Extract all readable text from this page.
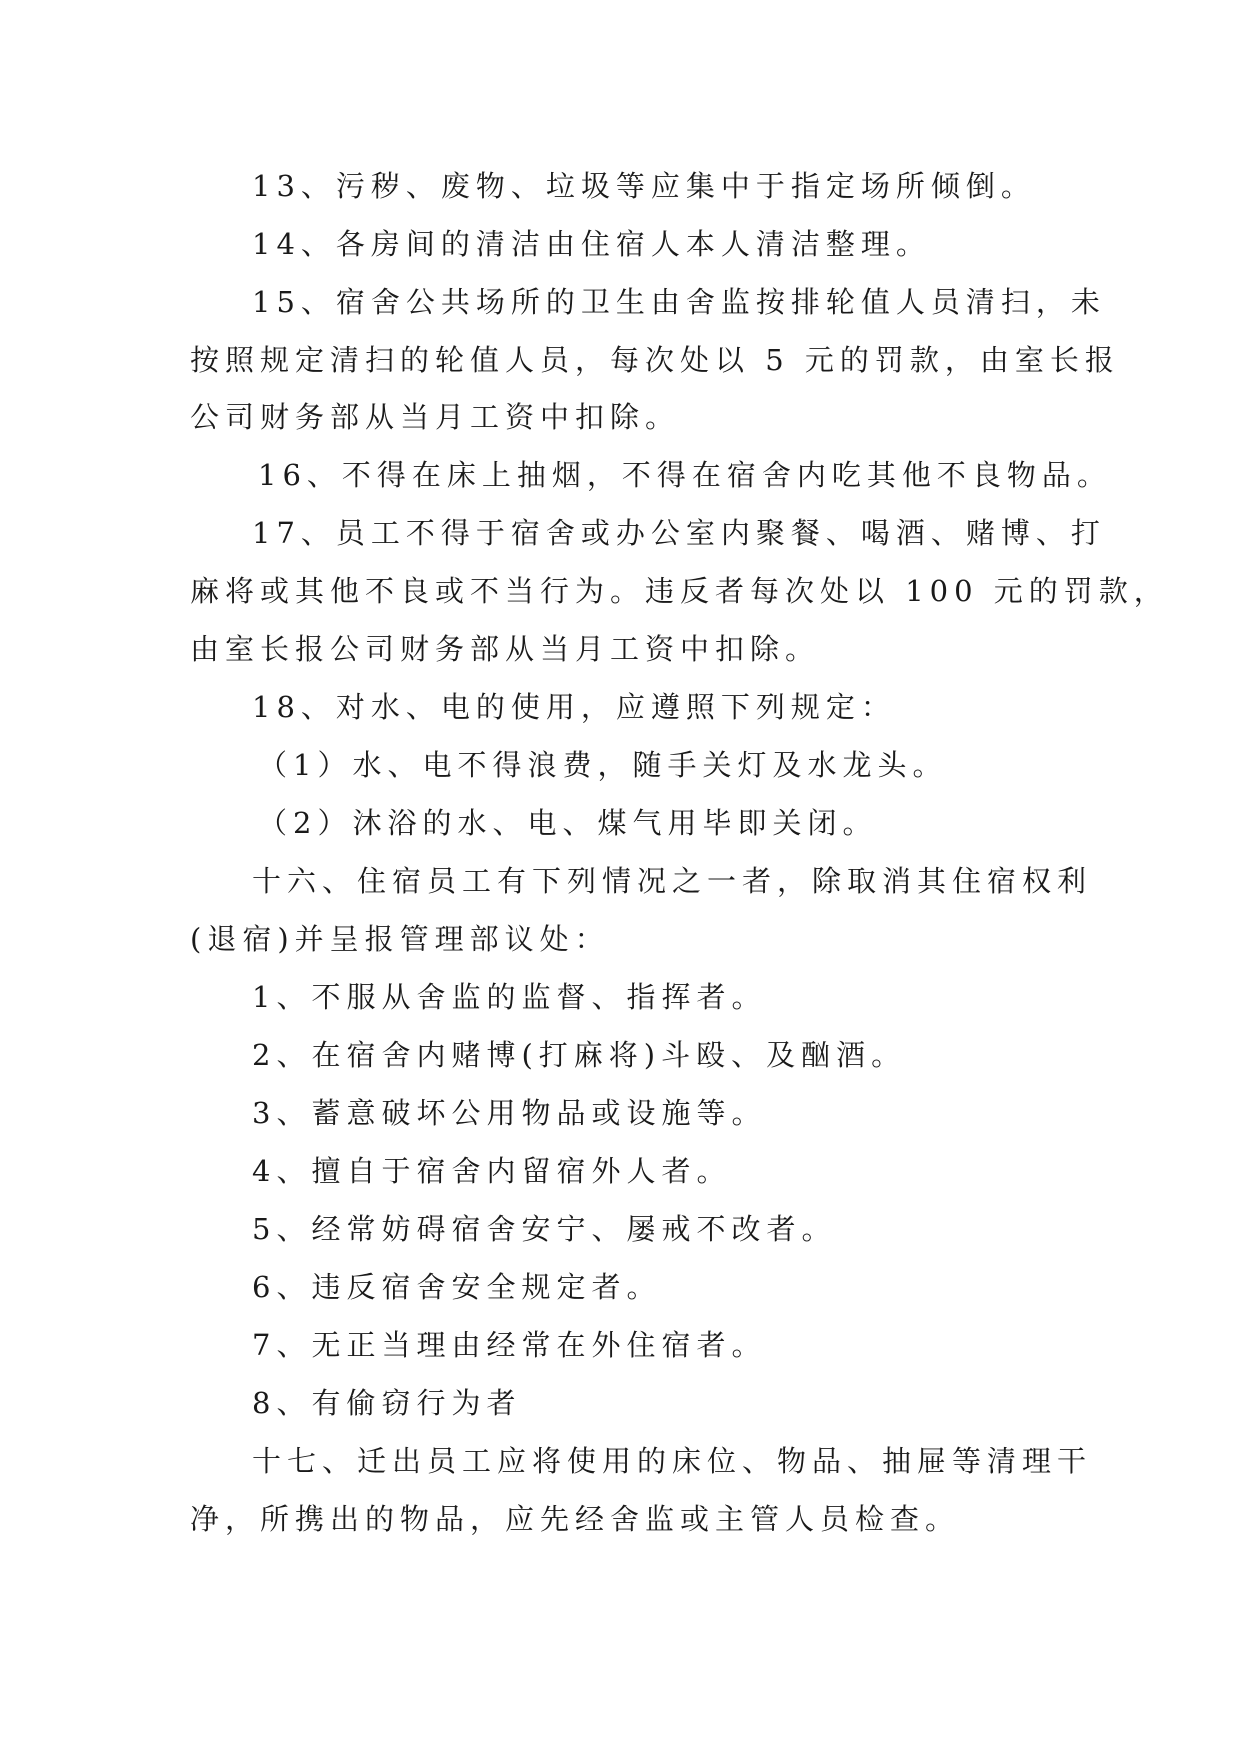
13、污秽、废物、垃圾等应集中于指定场所倾倒。
14、各房间的清洁由住宿人本人清洁整理。
15、宿舍公共场所的卫生由舍监按排轮值人员清扫，未
按照规定清扫的轮值人员，每次处以 5 元的罚款，由室长报
公司财务部从当月工资中扣除。
16、不得在床上抽烟，不得在宿舍内吃其他不良物品。
17、员工不得于宿舍或办公室内聚餐、喝酒、赌博、打
麻将或其他不良或不当行为。违反者每次处以 100 元的罚款，
由室长报公司财务部从当月工资中扣除。
18、对水、电的使用，应遵照下列规定：
（1）水、电不得浪费，随手关灯及水龙头。
（2）沐浴的水、电、煤气用毕即关闭。
十六、住宿员工有下列情况之一者，除取消其住宿权利
(退宿)并呈报管理部议处：
1、不服从舍监的监督、指挥者。
2、在宿舍内赌博(打麻将)斗殴、及酗酒。
3、蓄意破坏公用物品或设施等。
4、擅自于宿舍内留宿外人者。
5、经常妨碍宿舍安宁、屡戒不改者。
6、违反宿舍安全规定者。
7、无正当理由经常在外住宿者。
8、有偷窃行为者
十七、迁出员工应将使用的床位、物品、抽屉等清理干
净，所携出的物品，应先经舍监或主管人员检查。
